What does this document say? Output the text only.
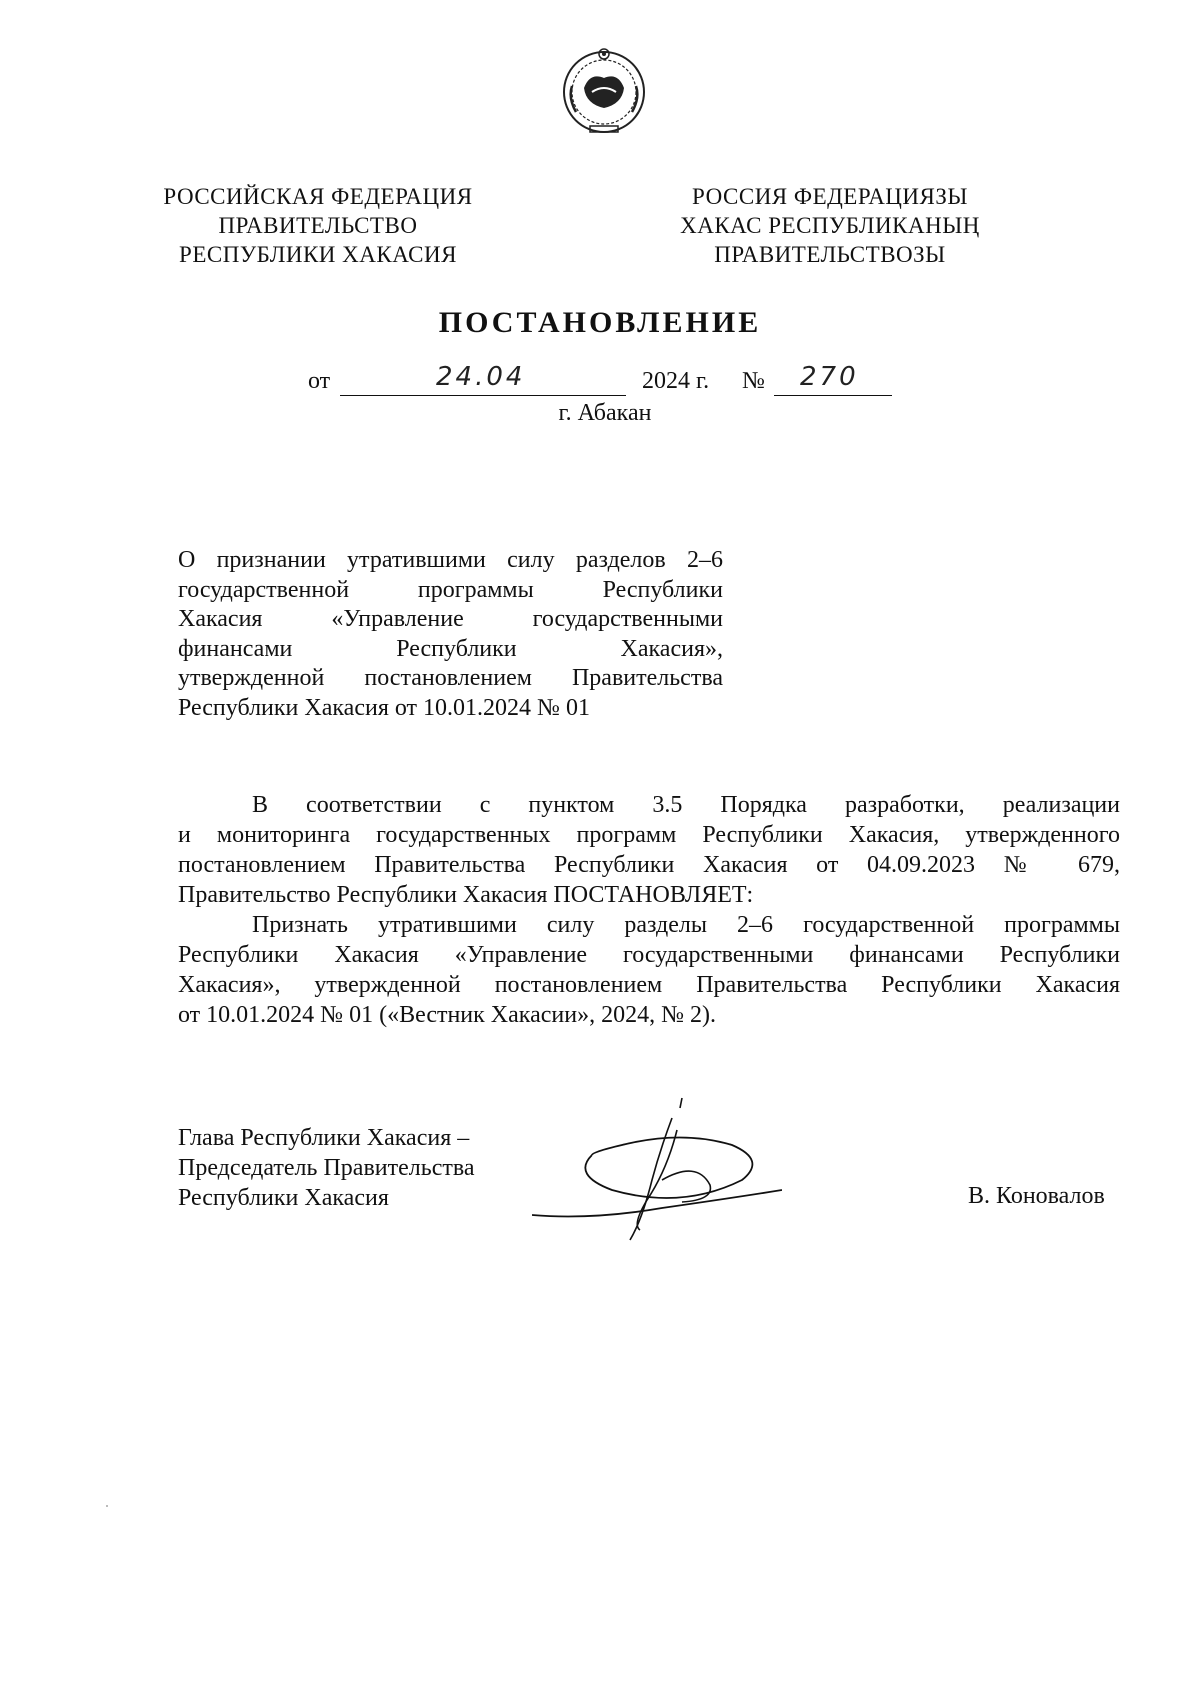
РОССИЙСКАЯ ФЕДЕРАЦИЯ
ПРАВИТЕЛЬСТВО
РЕСПУБЛИКИ ХАКАСИЯ
РОССИЯ ФЕДЕРАЦИЯЗЫ
ХАКАС РЕСПУБЛИКАНЫҢ
ПРАВИТЕЛЬСТВОЗЫ
ПОСТАНОВЛЕНИЕ
от	24.04	2024 г. № 270
г. Абакан
О признании утратившими силу разделов 2–6
государственной программы Республики
Хакасия «Управление государственными
финансами Республики Хакасия»,
утвержденной постановлением Правительства
Республики Хакасия от 10.01.2024 № 01
В соответствии с пунктом 3.5 Порядка разработки, реализации
и мониторинга государственных программ Республики Хакасия, утвержденного
постановлением Правительства Республики Хакасия от 04.09.2023 № 679,
Правительство Республики Хакасия ПОСТАНОВЛЯЕТ:
Признать утратившими силу разделы 2–6 государственной программы
Республики Хакасия «Управление государственными финансами Республики
Хакасия», утвержденной постановлением Правительства Республики Хакасия
от 10.01.2024 № 01 («Вестник Хакасии», 2024, № 2).
Глава Республики Хакасия –
Председатель Правительства
Республики Хакасия	В. Коновалов
